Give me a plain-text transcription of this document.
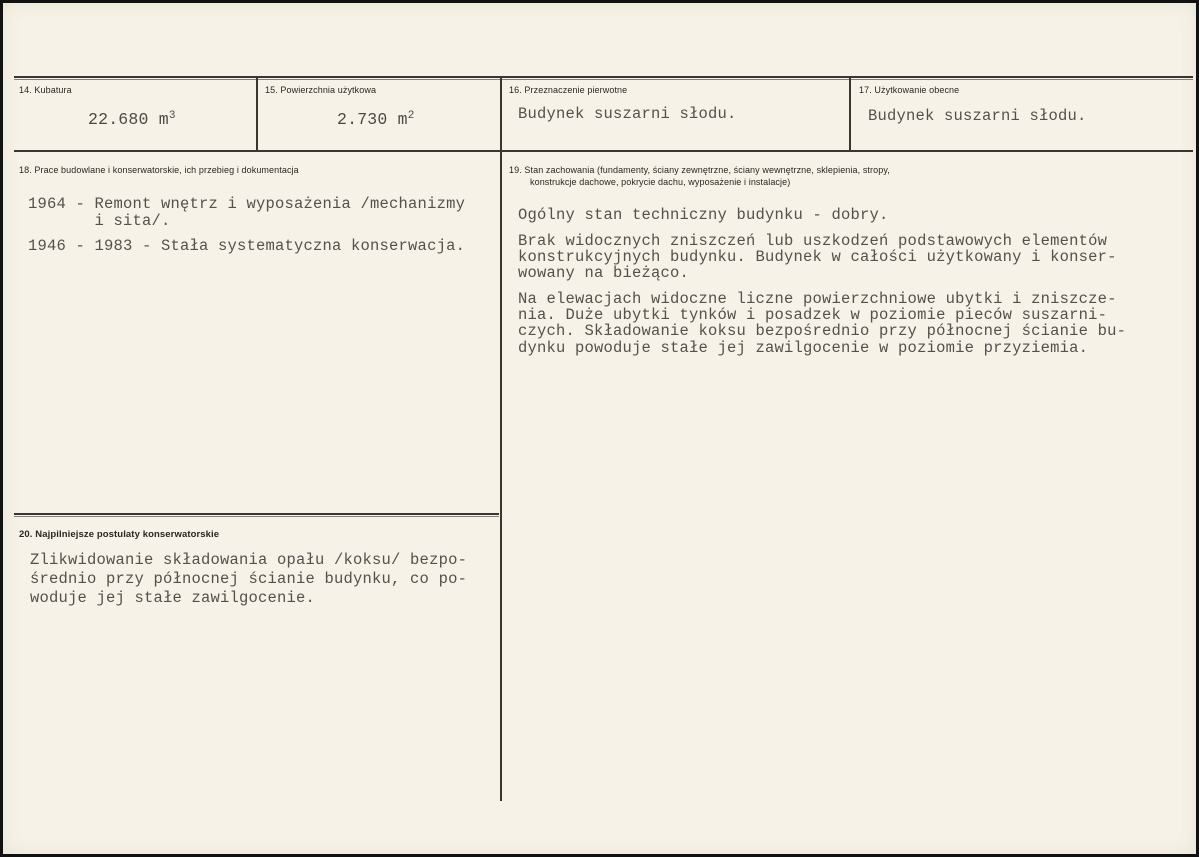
14. Kubatura
22.680 $m^3$
15. Powierzchnia użytkowa
2.730 $m^2$
16. Przeznaczenie pierwotne
Budynek suszarni słodu.
17. Użytkowanie obecne
Budynek suszarni słodu.
18. Prace budowlane i konserwatorskie, ich przebieg i dokumentacja
1964 - Remont wnętrz i wyposażenia /mechanizmy
i sita/.
1946 - 1983 - Stała systematyczna konserwacja.
19. Stan zachowania (fundamenty, ściany zewnętrzne, ściany wewnętrzne, sklepienia, stropy,
konstrukcje dachowe, pokrycie dachu, wyposażenie i instalacje)
Ogólny stan techniczny budynku - dobry.
Brak widocznych zniszczeń lub uszkodzeń podstawowych elementów
konstrukcyjnych budynku. Budynek w całości użytkowany i konser-
wowany na bieżąco.
Na elewacjach widoczne liczne powierzchniowe ubytki i zniszcze-
nia. Duże ubytki tynków i posadzek w poziomie pieców suszarni-
czych. Składowanie koksu bezpośrednio przy północnej ścianie bu-
dynku powoduje stałe jej zawilgocenie w poziomie przyziemia.
20. Najpilniejsze postulaty konserwatorskie
Zlikwidowanie składowania opału /koksu/ bezpo-
średnio przy północnej ścianie budynku, co po-
woduje jej stałe zawilgocenie.
